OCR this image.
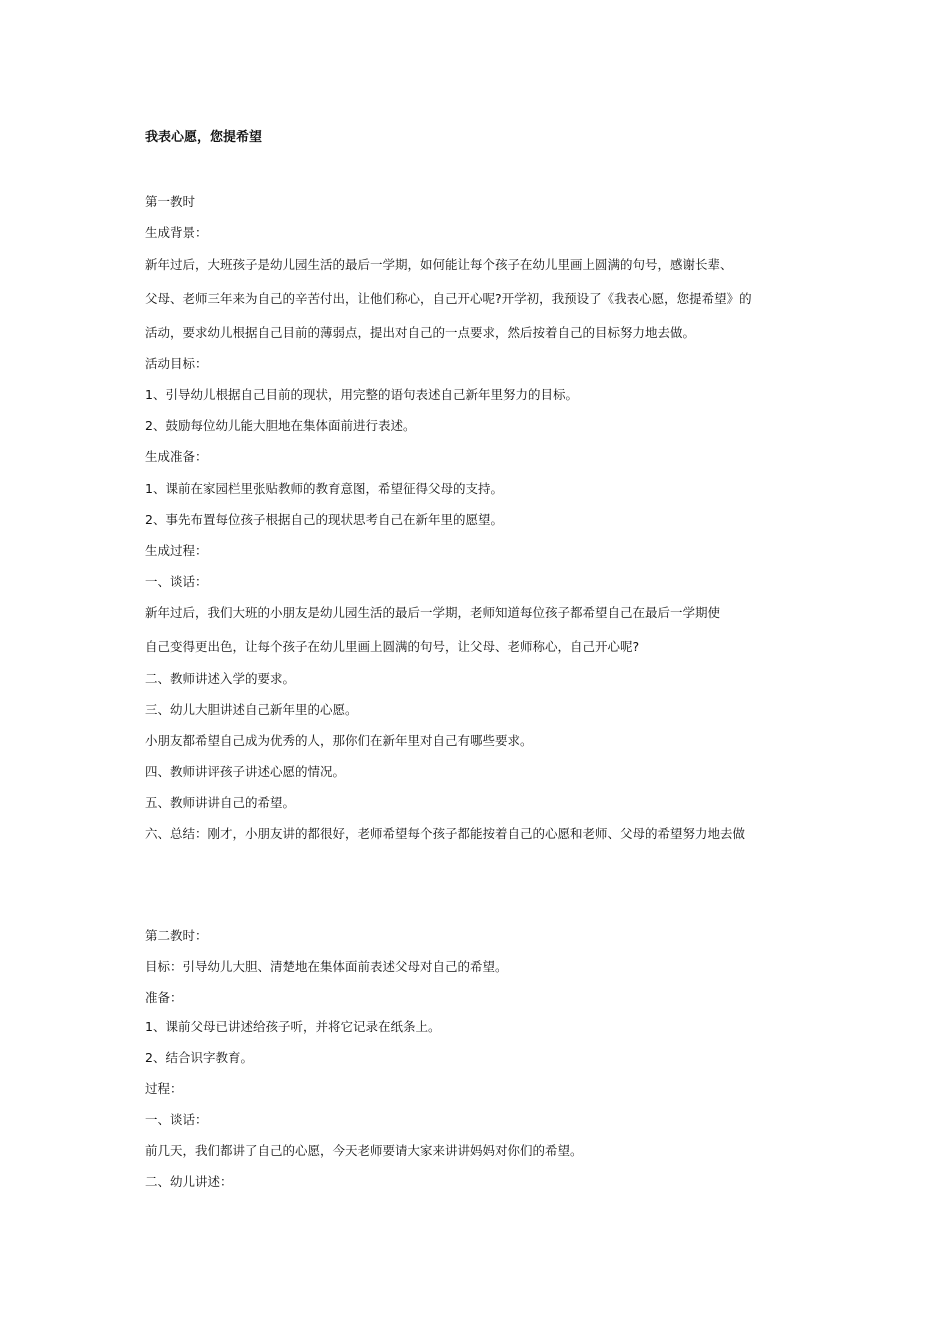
我表心愿，您提希望
第一教时
生成背景：
新年过后，大班孩子是幼儿园生活的最后一学期，如何能让每个孩子在幼儿里画上圆满的句号，感谢长辈、
父母、老师三年来为自己的辛苦付出，让他们称心，自己开心呢?开学初，我预设了《我表心愿，您提希望》的
活动，要求幼儿根据自己目前的薄弱点，提出对自己的一点要求，然后按着自己的目标努力地去做。
活动目标：
1、引导幼儿根据自己目前的现状，用完整的语句表述自己新年里努力的目标。
2、鼓励每位幼儿能大胆地在集体面前进行表述。
生成准备：
1、课前在家园栏里张贴教师的教育意图，希望征得父母的支持。
2、事先布置每位孩子根据自己的现状思考自己在新年里的愿望。
生成过程：
一、谈话：
新年过后，我们大班的小朋友是幼儿园生活的最后一学期，老师知道每位孩子都希望自己在最后一学期使
自己变得更出色，让每个孩子在幼儿里画上圆满的句号，让父母、老师称心，自己开心呢?
二、教师讲述入学的要求。
三、幼儿大胆讲述自己新年里的心愿。
小朋友都希望自己成为优秀的人，那你们在新年里对自己有哪些要求。
四、教师讲评孩子讲述心愿的情况。
五、教师讲讲自己的希望。
六、总结：刚才，小朋友讲的都很好，老师希望每个孩子都能按着自己的心愿和老师、父母的希望努力地去做
第二教时：
目标：引导幼儿大胆、清楚地在集体面前表述父母对自己的希望。
准备：
1、课前父母已讲述给孩子听，并将它记录在纸条上。
2、结合识字教育。
过程：
一、谈话：
前几天，我们都讲了自己的心愿，今天老师要请大家来讲讲妈妈对你们的希望。
二、幼儿讲述：
